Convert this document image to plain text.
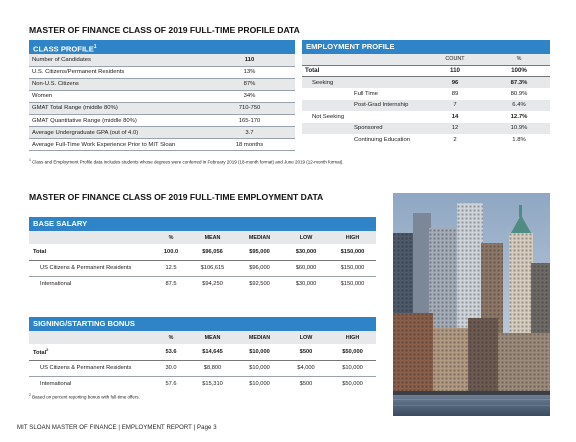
MASTER OF FINANCE CLASS OF 2019 FULL-TIME PROFILE DATA
CLASS PROFILE$^1$
Number of Candidates	110
U.S. Citizens/Permanent Residents	13%
Non-U.S. Citizens	87%
Women	34%
GMAT Total Range (middle 80%)	710-750
GMAT Quantitative Range (middle 80%)	165-170
Average Undergraduate GPA (out of 4.0)	3.7
Average Full-Time Work Experience Prior to MIT Sloan	18 months
EMPLOYMENT PROFILE
		COUNT	%
Total		110	100%
Seeking		96	87.3%
	Full Time	89	80.9%
	Post-Grad Internship	7	6.4%
Not Seeking		14	12.7%
	Sponsored	12	10.9%
	Continuing Education	2	1.8%
$^1$ Class and Employment Profile data includes students whose degrees were conferred in February 2019 (18-month format) and June 2019 (12-month format).
MASTER OF FINANCE CLASS OF 2019 FULL-TIME EMPLOYMENT DATA
BASE SALARY
	%	MEAN	MEDIAN	LOW	HIGH
Total	100.0	$96,056	$95,000	$30,000	$150,000
US Citizens & Permanent Residents	12.5	$106,615	$96,000	$60,000	$150,000
International	87.5	$94,250	$92,500	$30,000	$150,000
SIGNING/STARTING BONUS
	%	MEAN	MEDIAN	LOW	HIGH
Total$^2$	53.6	$14,645	$10,000	$500	$50,000
US Citizens & Permanent Residents	30.0	$8,800	$10,000	$4,000	$10,000
International	57.6	$15,310	$10,000	$500	$50,000
$^2$ Based on percent reporting bonus with full-time offers.
MIT SLOAN MASTER OF FINANCE | EMPLOYMENT REPORT | Page 3
